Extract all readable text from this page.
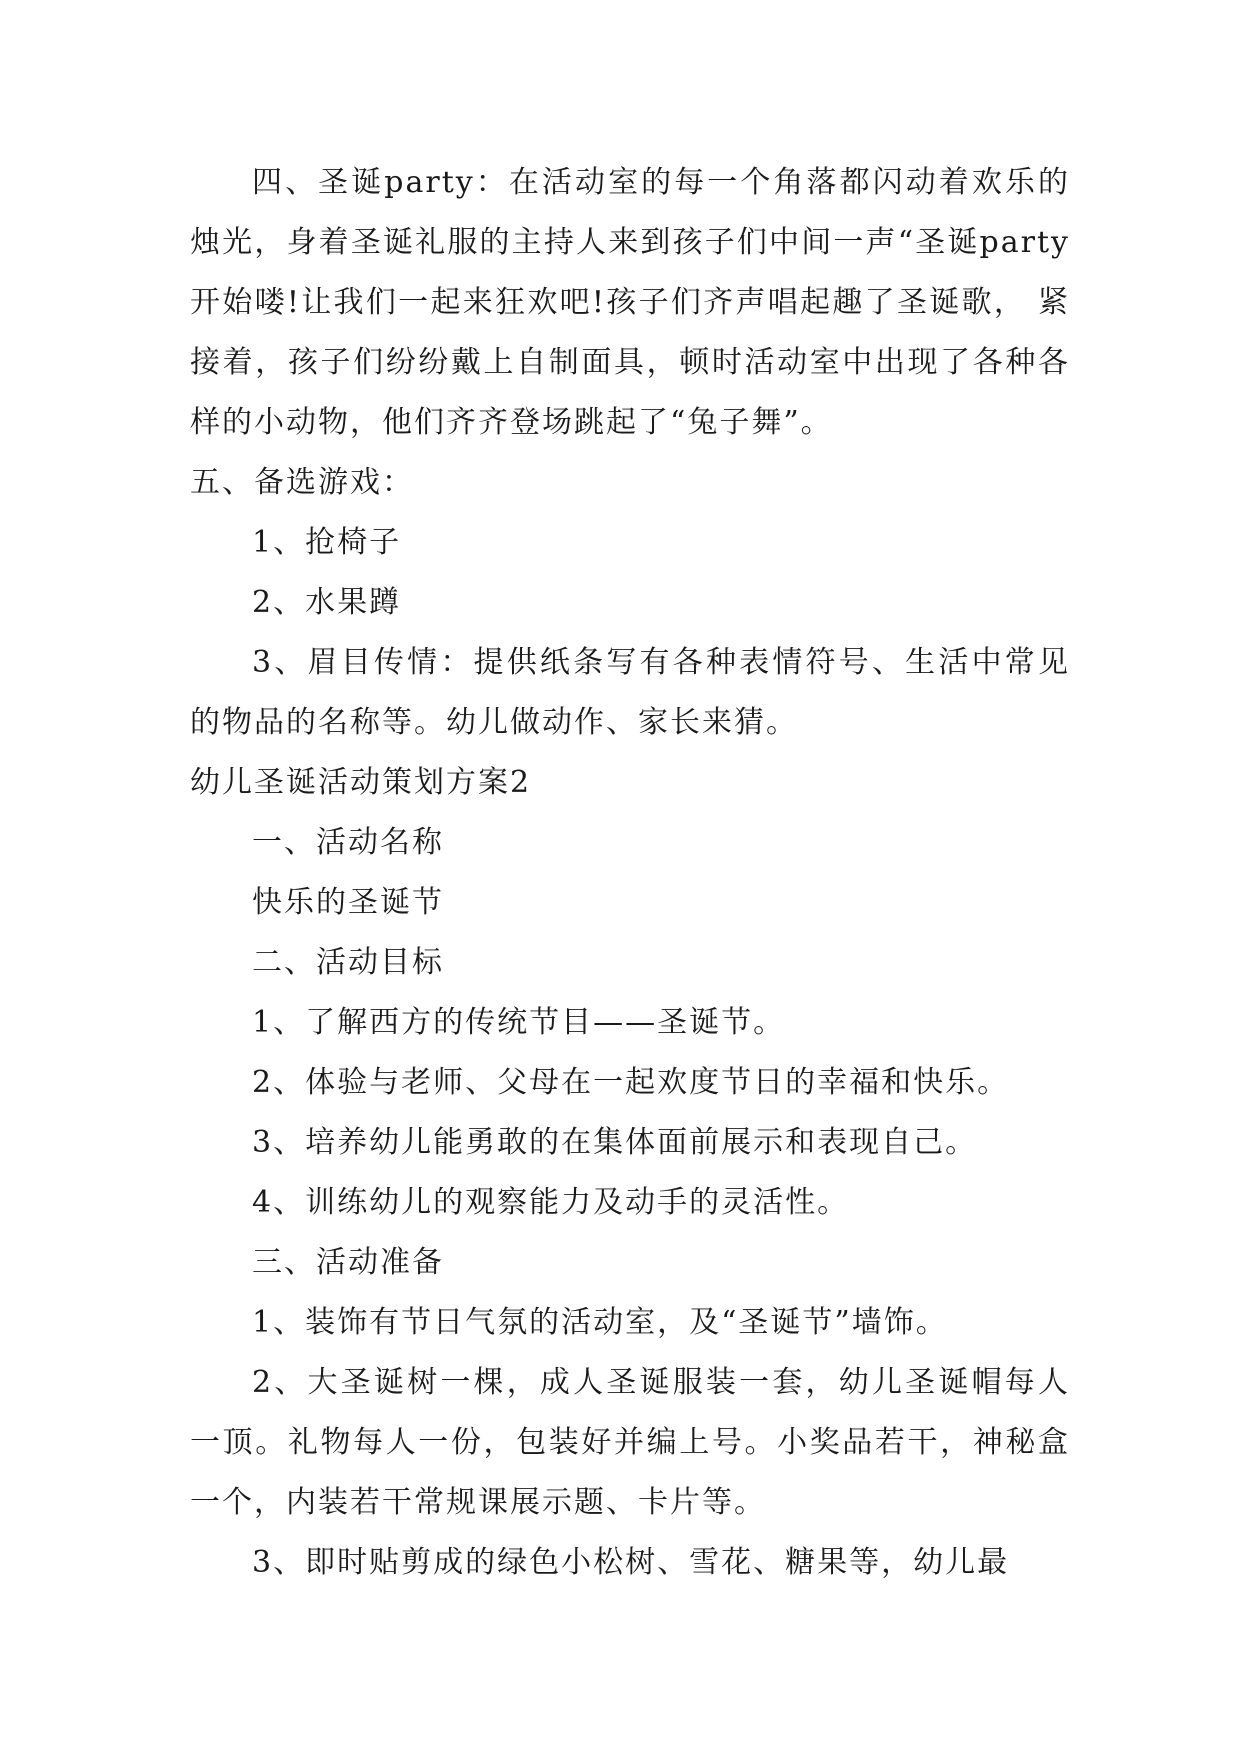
四、圣诞party：在活动室的每一个角落都闪动着欢乐的烛光，身着圣诞礼服的主持人来到孩子们中间一声“圣诞party开始喽!让我们一起来狂欢吧!孩子们齐声唱起趣了圣诞歌， 紧接着，孩子们纷纷戴上自制面具，顿时活动室中出现了各种各样的小动物，他们齐齐登场跳起了“兔子舞”。

五、备选游戏：

1、抢椅子

2、水果蹲

3、眉目传情：提供纸条写有各种表情符号、生活中常见的物品的名称等。幼儿做动作、家长来猜。

幼儿圣诞活动策划方案2

一、活动名称

快乐的圣诞节

二、活动目标

1、了解西方的传统节目——圣诞节。

2、体验与老师、父母在一起欢度节日的幸福和快乐。

3、培养幼儿能勇敢的在集体面前展示和表现自己。

4、训练幼儿的观察能力及动手的灵活性。

三、活动准备

1、装饰有节日气氛的活动室，及“圣诞节”墙饰。

2、大圣诞树一棵，成人圣诞服装一套，幼儿圣诞帽每人一顶。礼物每人一份，包装好并编上号。小奖品若干，神秘盒一个，内装若干常规课展示题、卡片等。

3、即时贴剪成的绿色小松树、雪花、糖果等，幼儿最
